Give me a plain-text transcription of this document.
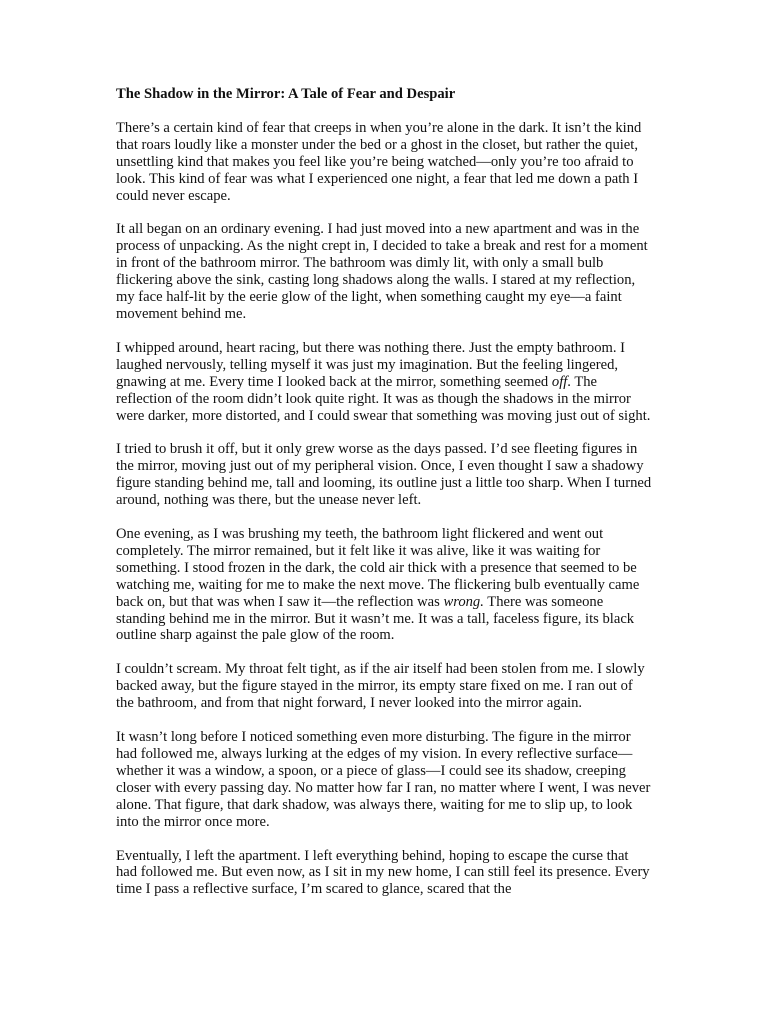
The Shadow in the Mirror: A Tale of Fear and Despair

There’s a certain kind of fear that creeps in when you’re alone in the dark. It isn’t the kind that roars loudly like a monster under the bed or a ghost in the closet, but rather the quiet, unsettling kind that makes you feel like you’re being watched—only you’re too afraid to look. This kind of fear was what I experienced one night, a fear that led me down a path I could never escape.

It all began on an ordinary evening. I had just moved into a new apartment and was in the process of unpacking. As the night crept in, I decided to take a break and rest for a moment in front of the bathroom mirror. The bathroom was dimly lit, with only a small bulb flickering above the sink, casting long shadows along the walls. I stared at my reflection, my face half-lit by the eerie glow of the light, when something caught my eye—a faint movement behind me.

I whipped around, heart racing, but there was nothing there. Just the empty bathroom. I laughed nervously, telling myself it was just my imagination. But the feeling lingered, gnawing at me. Every time I looked back at the mirror, something seemed off. The reflection of the room didn’t look quite right. It was as though the shadows in the mirror were darker, more distorted, and I could swear that something was moving just out of sight.

I tried to brush it off, but it only grew worse as the days passed. I’d see fleeting figures in the mirror, moving just out of my peripheral vision. Once, I even thought I saw a shadowy figure standing behind me, tall and looming, its outline just a little too sharp. When I turned around, nothing was there, but the unease never left.

One evening, as I was brushing my teeth, the bathroom light flickered and went out completely. The mirror remained, but it felt like it was alive, like it was waiting for something. I stood frozen in the dark, the cold air thick with a presence that seemed to be watching me, waiting for me to make the next move. The flickering bulb eventually came back on, but that was when I saw it—the reflection was wrong. There was someone standing behind me in the mirror. But it wasn’t me. It was a tall, faceless figure, its black outline sharp against the pale glow of the room.

I couldn’t scream. My throat felt tight, as if the air itself had been stolen from me. I slowly backed away, but the figure stayed in the mirror, its empty stare fixed on me. I ran out of the bathroom, and from that night forward, I never looked into the mirror again.

It wasn’t long before I noticed something even more disturbing. The figure in the mirror had followed me, always lurking at the edges of my vision. In every reflective surface—whether it was a window, a spoon, or a piece of glass—I could see its shadow, creeping closer with every passing day. No matter how far I ran, no matter where I went, I was never alone. That figure, that dark shadow, was always there, waiting for me to slip up, to look into the mirror once more.

Eventually, I left the apartment. I left everything behind, hoping to escape the curse that had followed me. But even now, as I sit in my new home, I can still feel its presence. Every time I pass a reflective surface, I’m scared to glance, scared that the
